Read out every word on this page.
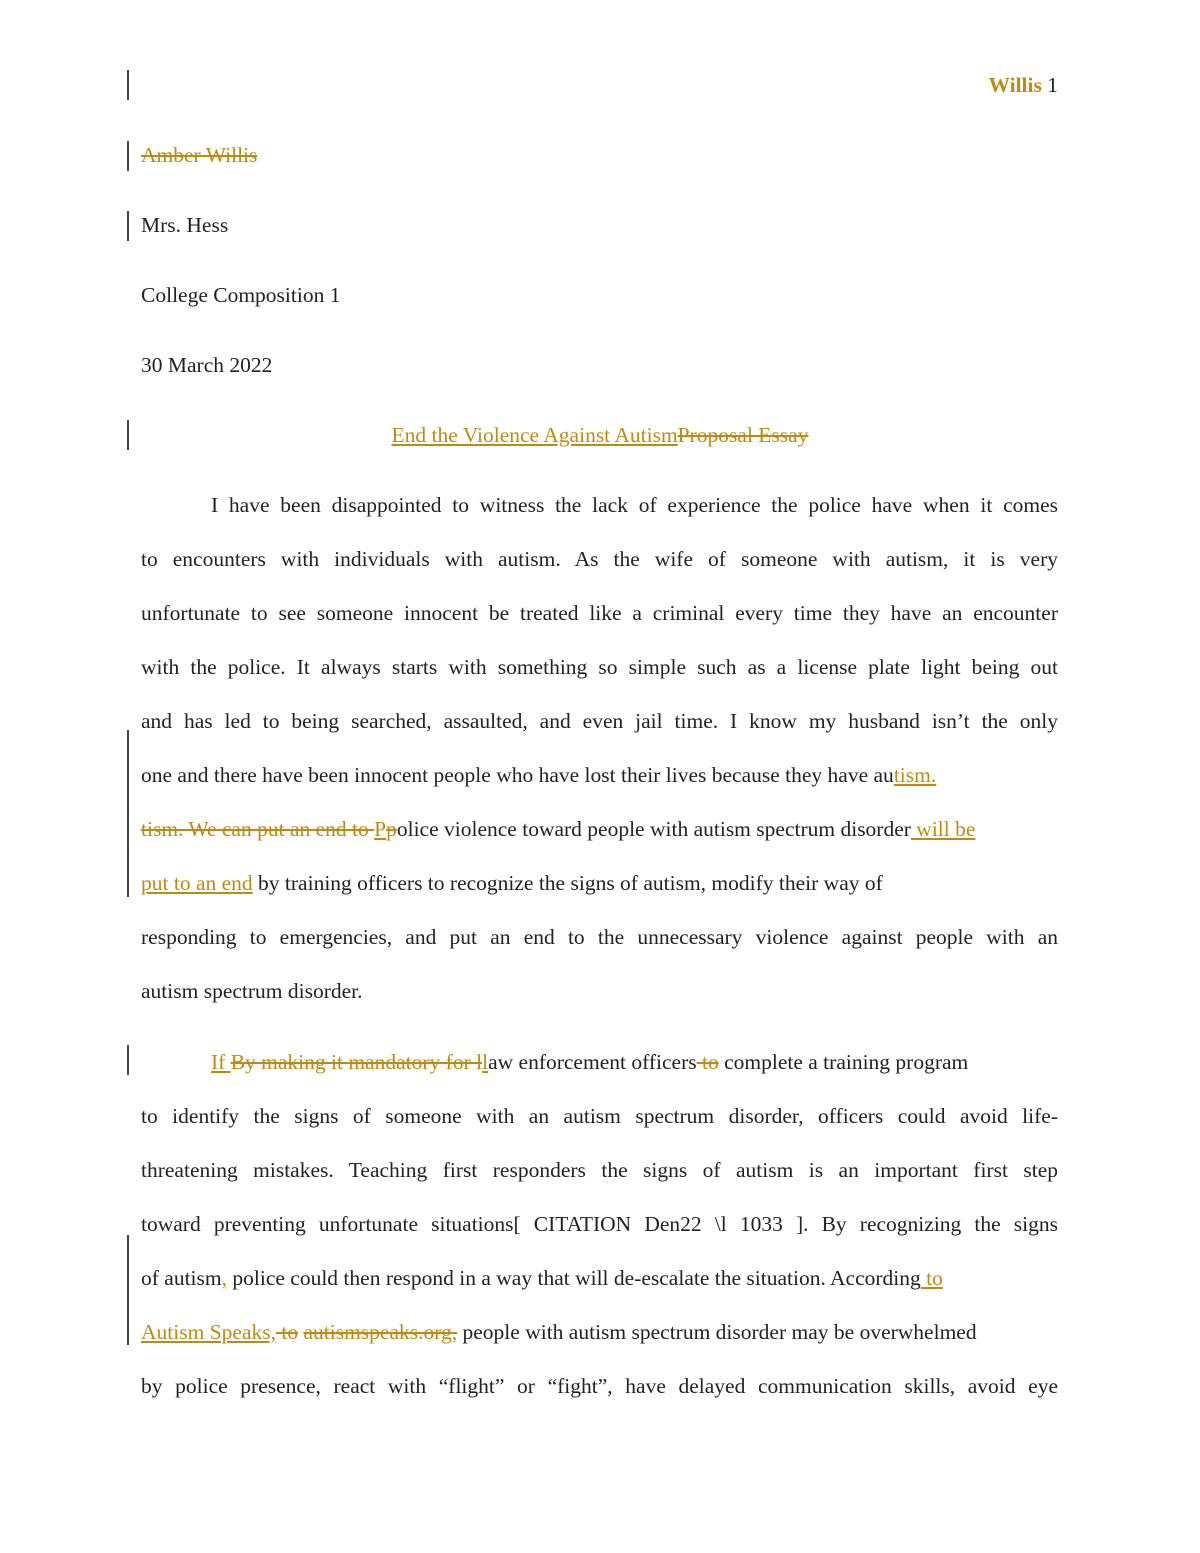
Willis 1
Amber Willis
Mrs. Hess
College Composition 1
30 March 2022
End the Violence Against AutismProposal Essay
I have been disappointed to witness the lack of experience the police have when it comes
to encounters with individuals with autism. As the wife of someone with autism, it is very
unfortunate to see someone innocent be treated like a criminal every time they have an encounter
with the police. It always starts with something so simple such as a license plate light being out
and has led to being searched, assaulted, and even jail time. I know my husband isn’t the only
one and there have been innocent people who have lost their lives because they have autism.
tism. We can put an end to Ppolice violence toward people with autism spectrum disorder will be
put to an end by training officers to recognize the signs of autism, modify their way of
responding to emergencies, and put an end to the unnecessary violence against people with an
autism spectrum disorder.
If By making it mandatory for llaw enforcement officers to complete a training program
to identify the signs of someone with an autism spectrum disorder, officers could avoid life-
threatening mistakes. Teaching first responders the signs of autism is an important first step
toward preventing unfortunate situations[ CITATION Den22 \l 1033 ]. By recognizing the signs
of autism, police could then respond in a way that will de-escalate the situation. According to
Autism Speaks, to autismspeaks.org, people with autism spectrum disorder may be overwhelmed
by police presence, react with “flight” or “fight”, have delayed communication skills, avoid eye
